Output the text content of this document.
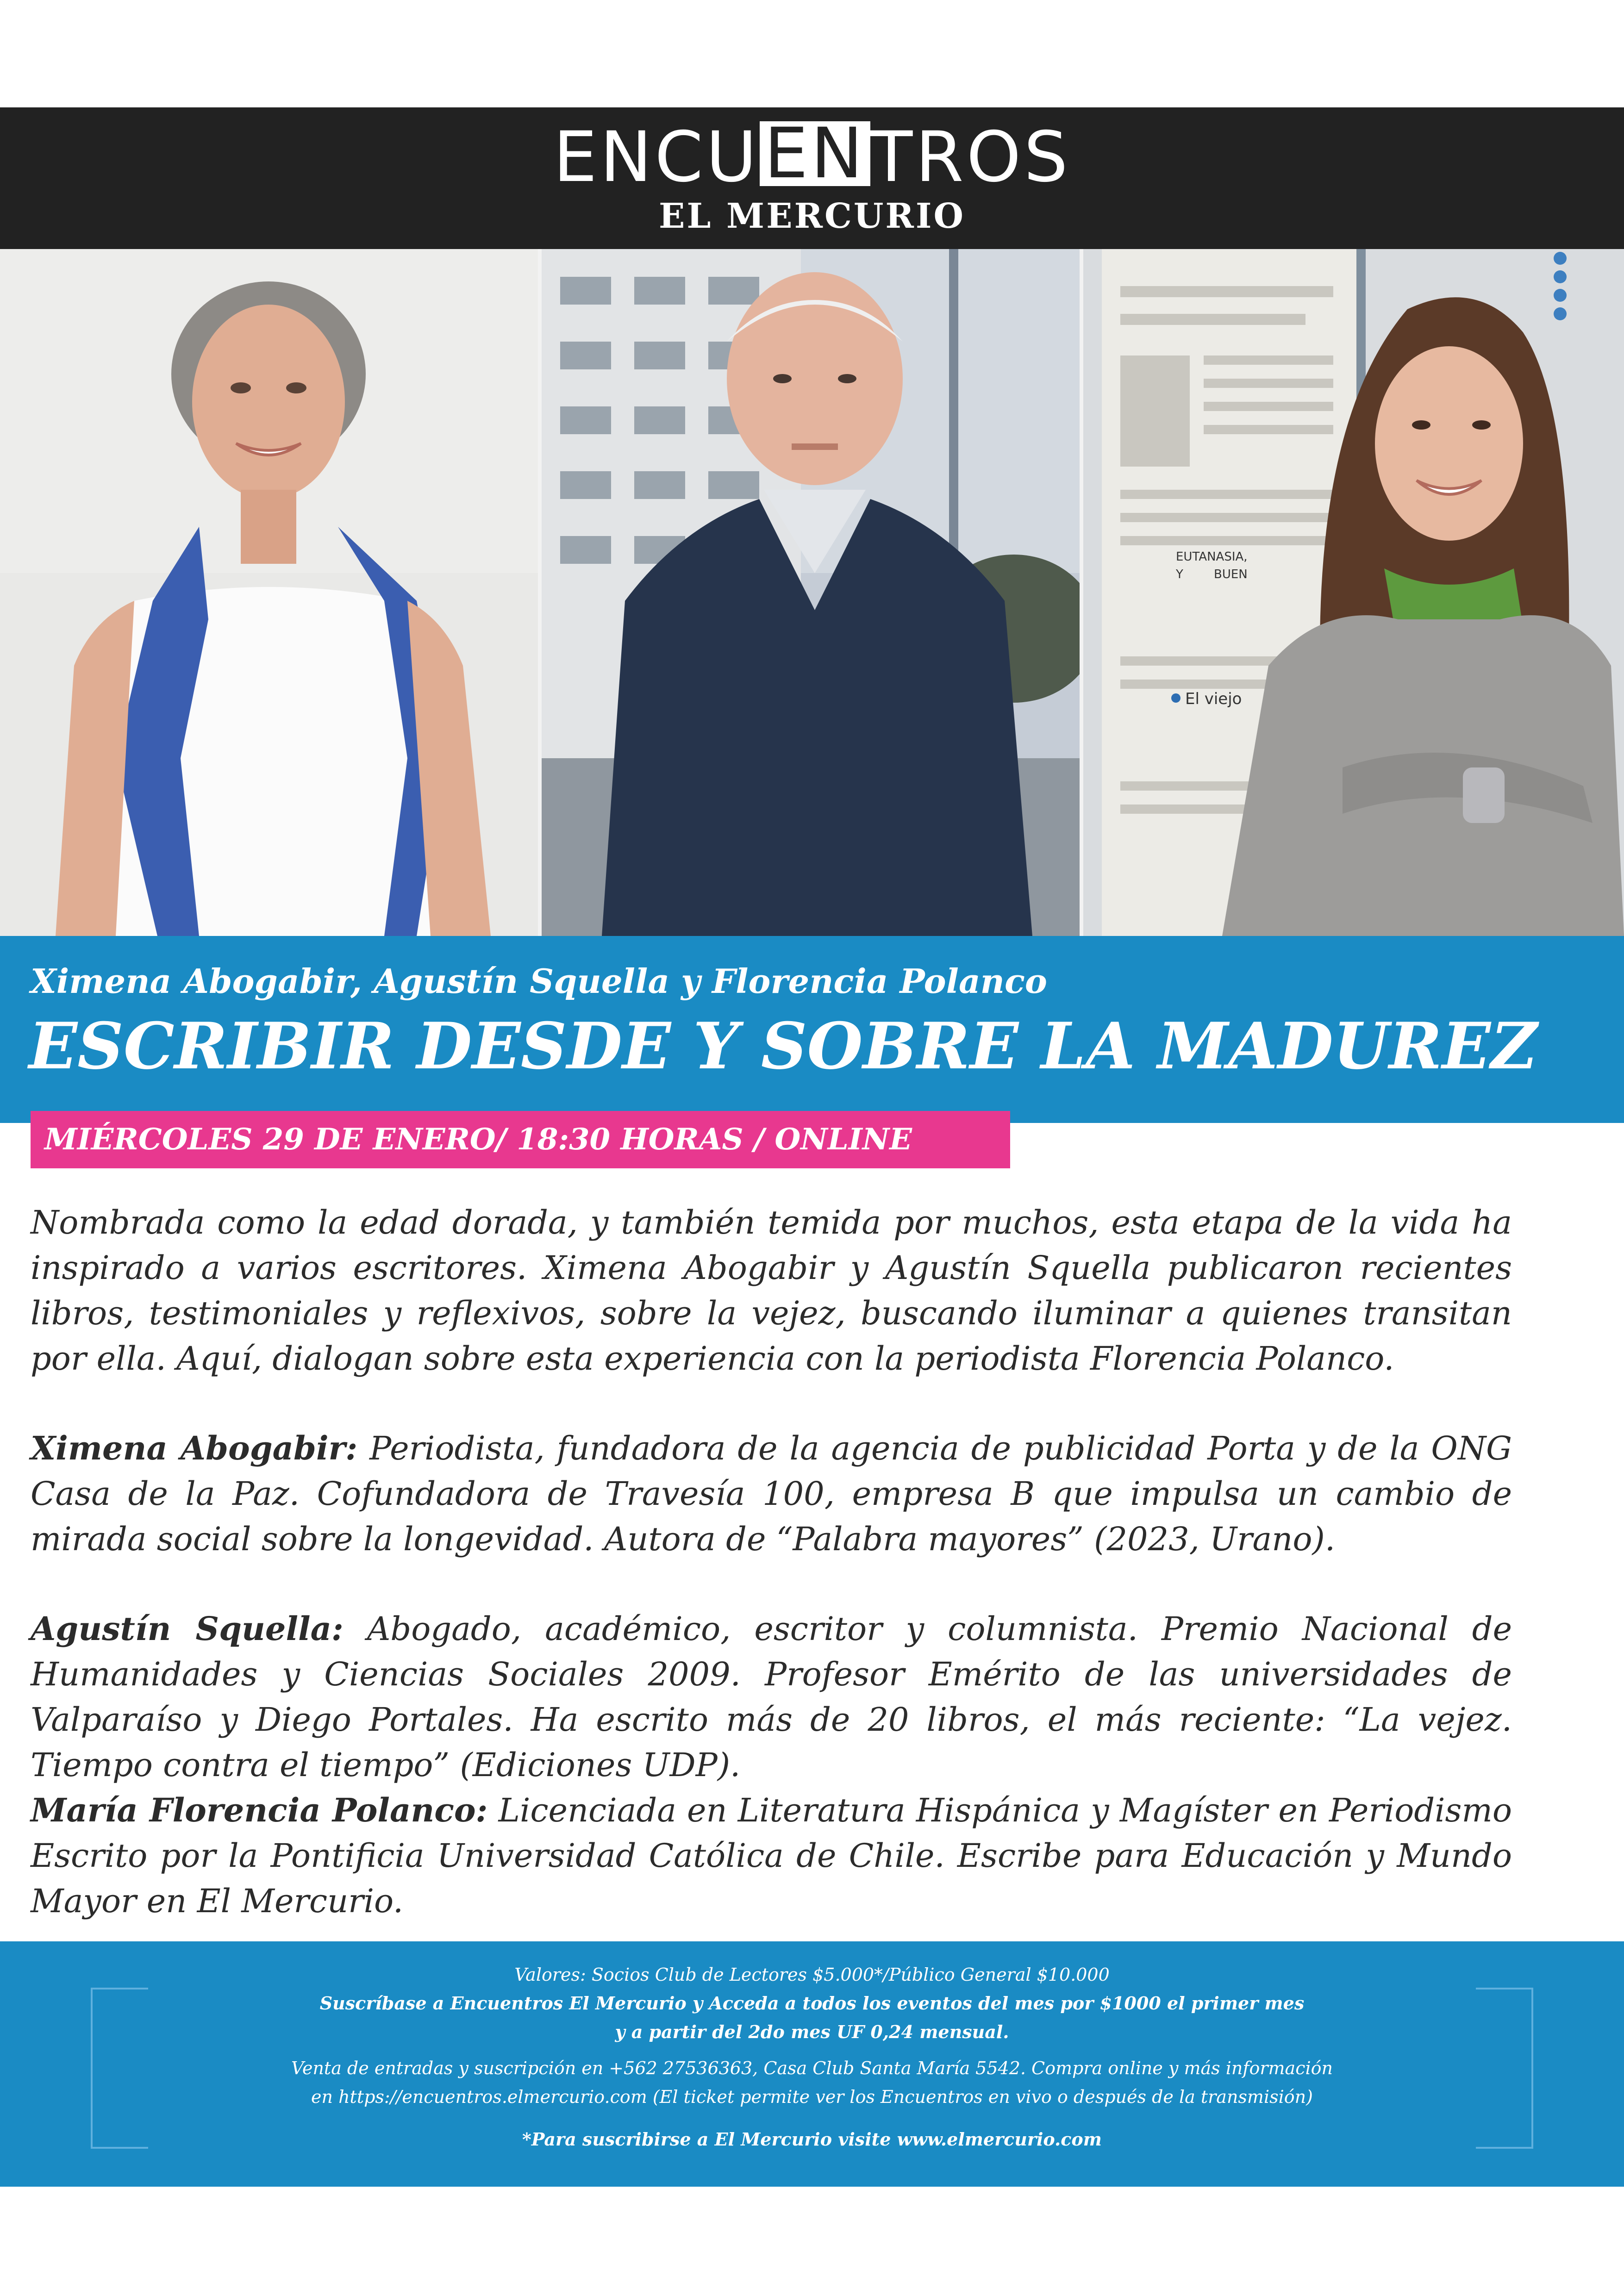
ENCUENTROS
EL MERCURIO
EUTANASIA,
Y        BUEN
El viejo
Ximena Abogabir, Agustín Squella y Florencia Polanco
ESCRIBIR DESDE Y SOBRE LA MADUREZ
MIÉRCOLES 29 DE ENERO/ 18:30 HORAS / ONLINE
Nombrada como la edad dorada, y también temida por muchos, esta etapa de la vida ha inspirado a varios escritores. Ximena Abogabir y Agustín Squella publicaron recientes libros, testimoniales y reflexivos, sobre la vejez, buscando iluminar a quienes transitan por ella. Aquí, dialogan sobre esta experiencia con la periodista Florencia Polanco.
Ximena Abogabir: Periodista, fundadora de la agencia de publicidad Porta y de la ONG Casa de la Paz. Cofundadora de Travesía 100, empresa B que impulsa un cambio de mirada social sobre la longevidad. Autora de “Palabra mayores” (2023, Urano).
Agustín Squella: Abogado, académico, escritor y columnista. Premio Nacional de Humanidades y Ciencias Sociales 2009. Profesor Emérito de las universidades de Valparaíso y Diego Portales. Ha escrito más de 20 libros, el más reciente: “La vejez. Tiempo contra el tiempo” (Ediciones UDP).
María Florencia Polanco: Licenciada en Literatura Hispánica y Magíster en Periodismo Escrito por la Pontificia Universidad Católica de Chile. Escribe para Educación y Mundo Mayor en El Mercurio.
Valores: Socios Club de Lectores $5.000*/Público General $10.000
Suscríbase a Encuentros El Mercurio y Acceda a todos los eventos del mes por $1000 el primer mes
y a partir del 2do mes UF 0,24 mensual.
Venta de entradas y suscripción en +562 27536363, Casa Club Santa María 5542. Compra online y más información
en https://encuentros.elmercurio.com (El ticket permite ver los Encuentros en vivo o después de la transmisión)
*Para suscribirse a El Mercurio visite www.elmercurio.com
